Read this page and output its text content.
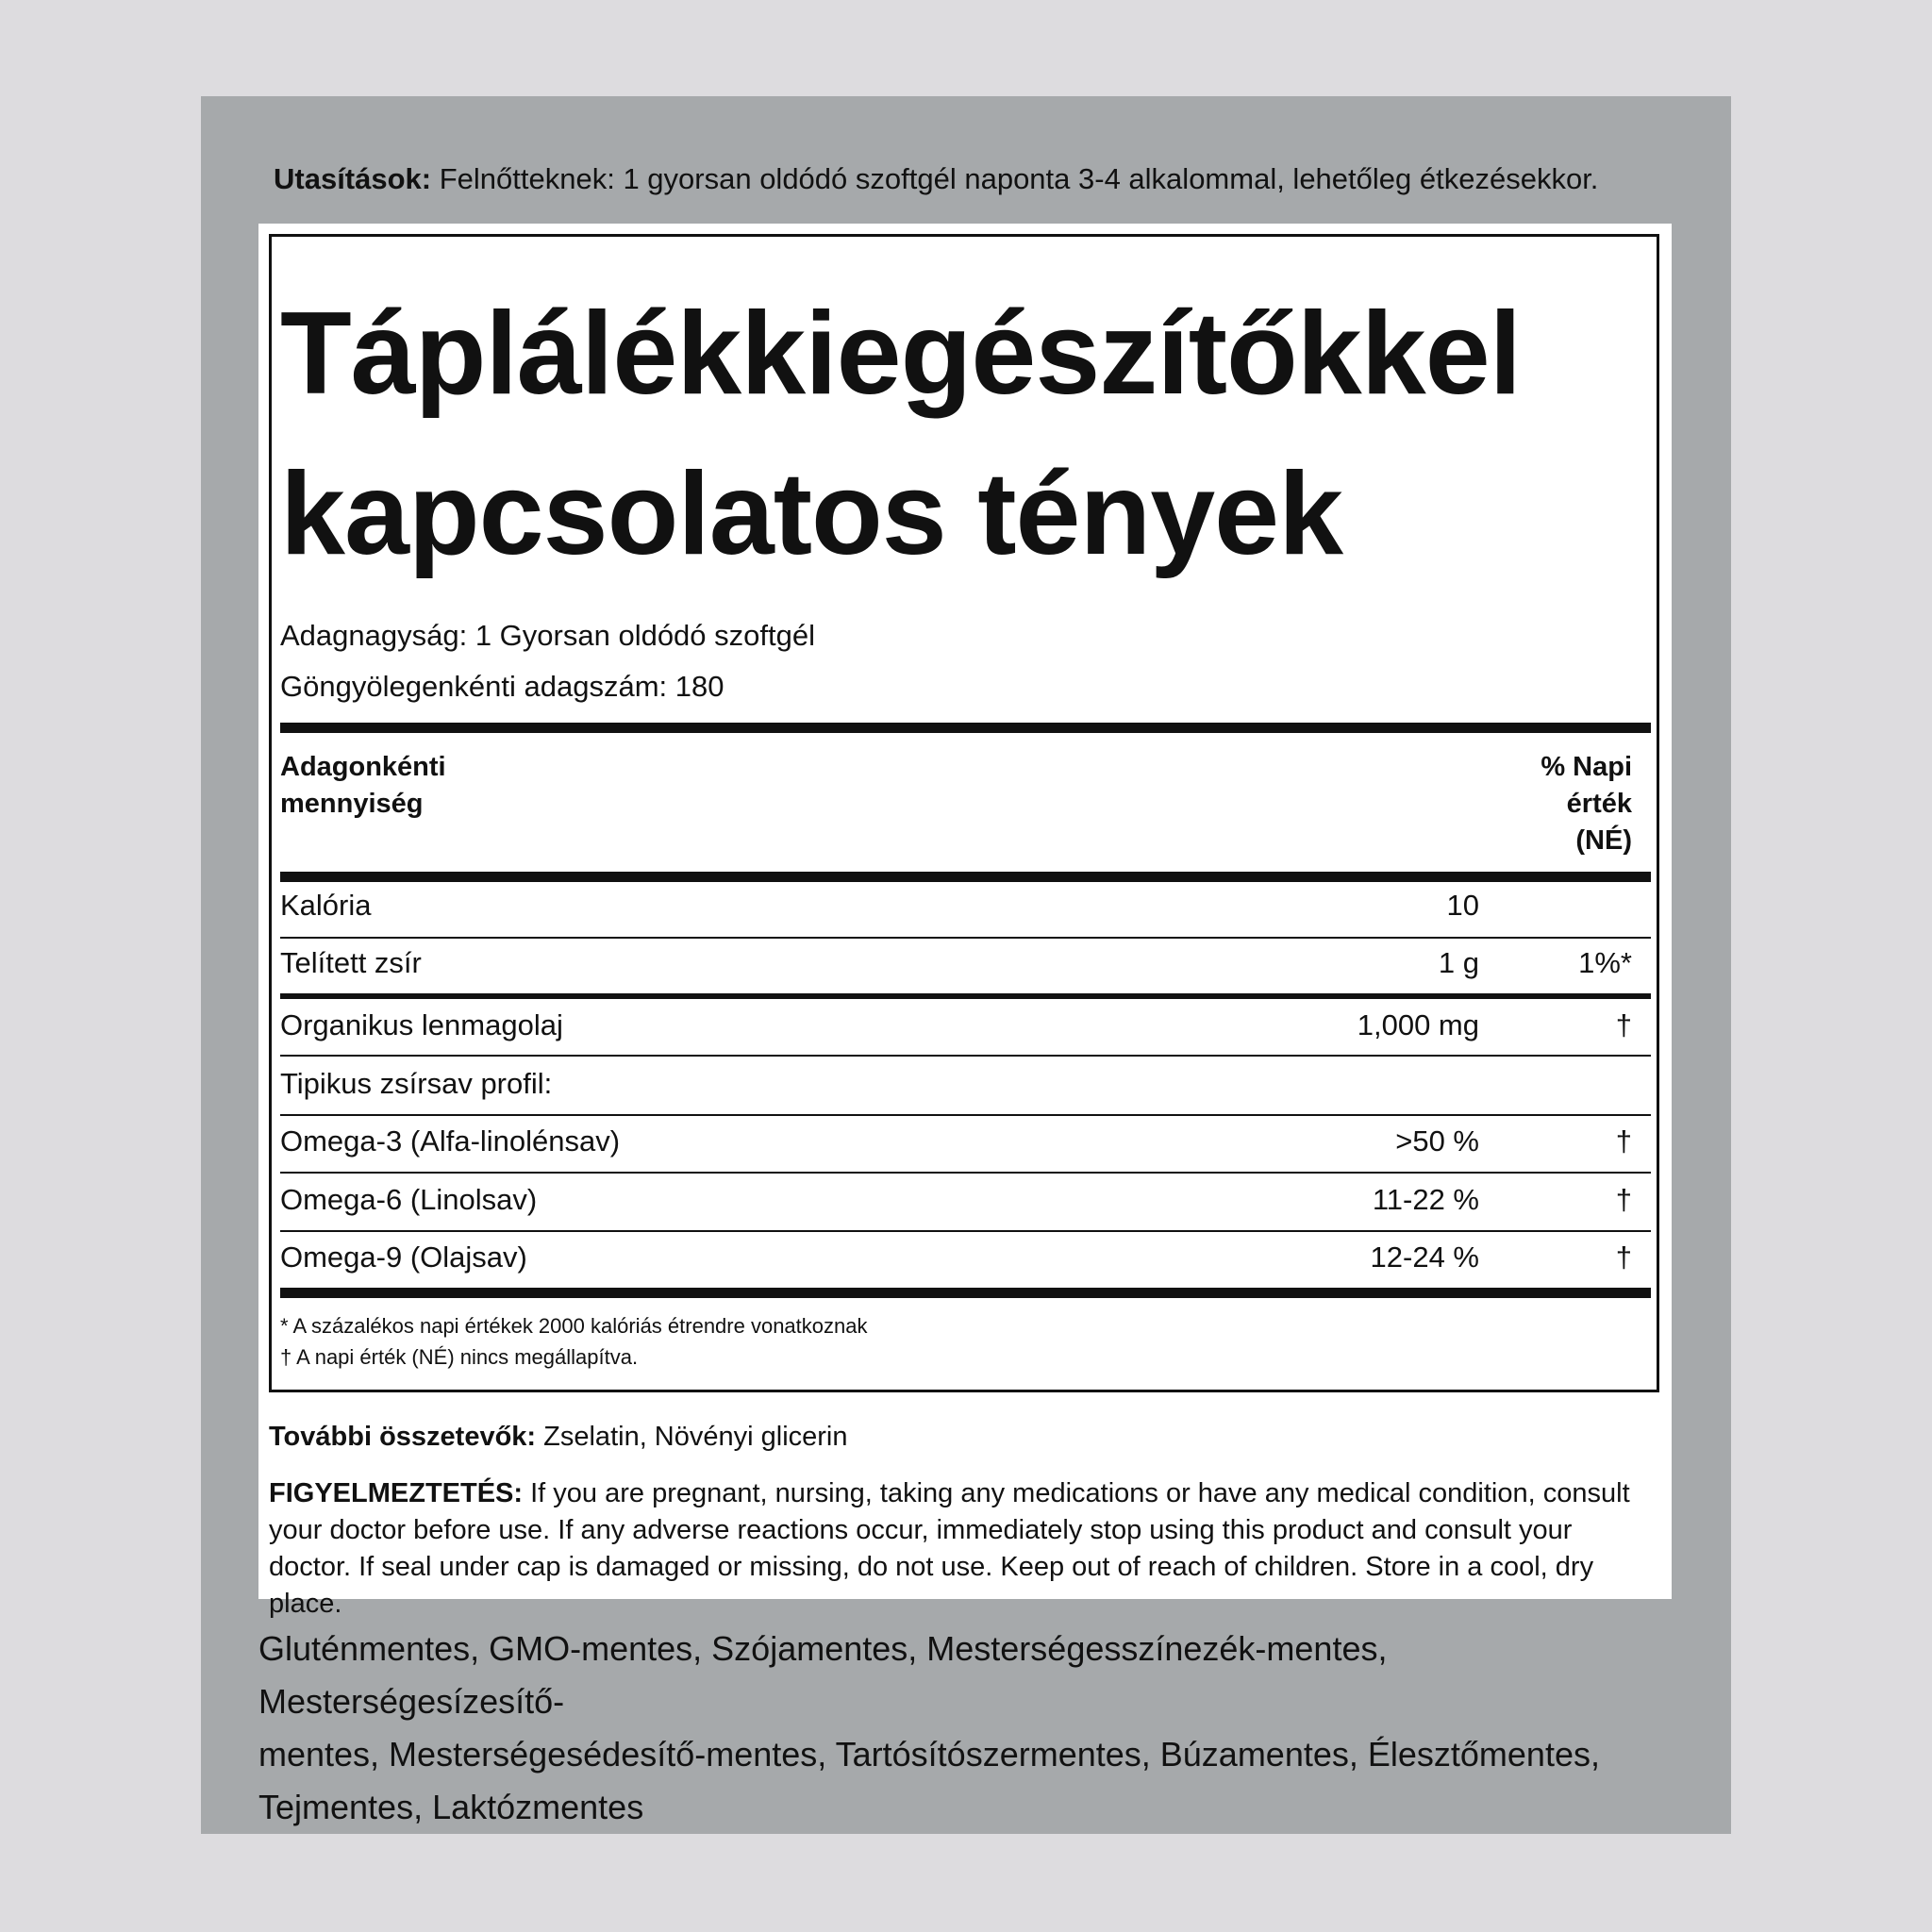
Utasítások: Felnőtteknek: 1 gyorsan oldódó szoftgél naponta 3-4 alkalommal, lehetőleg étkezésekkor.
Táplálékkiegészítőkkel
kapcsolatos tények
Adagnagyság: 1 Gyorsan oldódó szoftgél
Göngyölegenkénti adagszám: 180
Adagonkénti
mennyiség
% Napi
érték
(NÉ)
Kalória	10
Telített zsír	1 g	1%*
Organikus lenmagolaj	1,000 mg	†
Tipikus zsírsav profil:
Omega-3 (Alfa-linolénsav)	>50 %	†
Omega-6 (Linolsav)	11-22 %	†
Omega-9 (Olajsav)	12-24 %	†
* A százalékos napi értékek 2000 kalóriás étrendre vonatkoznak
† A napi érték (NÉ) nincs megállapítva.
További összetevők: Zselatin, Növényi glicerin
FIGYELMEZTETÉS: If you are pregnant, nursing, taking any medications or have any medical condition, consult your doctor before use. If any adverse reactions occur, immediately stop using this product and consult your doctor. If seal under cap is damaged or missing, do not use. Keep out of reach of children. Store in a cool, dry place.
Gluténmentes, GMO-mentes, Szójamentes, Mesterségesszínezék-mentes, Mesterségesízesítő-
mentes, Mesterségesédesítő-mentes, Tartósítószermentes, Búzamentes, Élesztőmentes,
Tejmentes, Laktózmentes
